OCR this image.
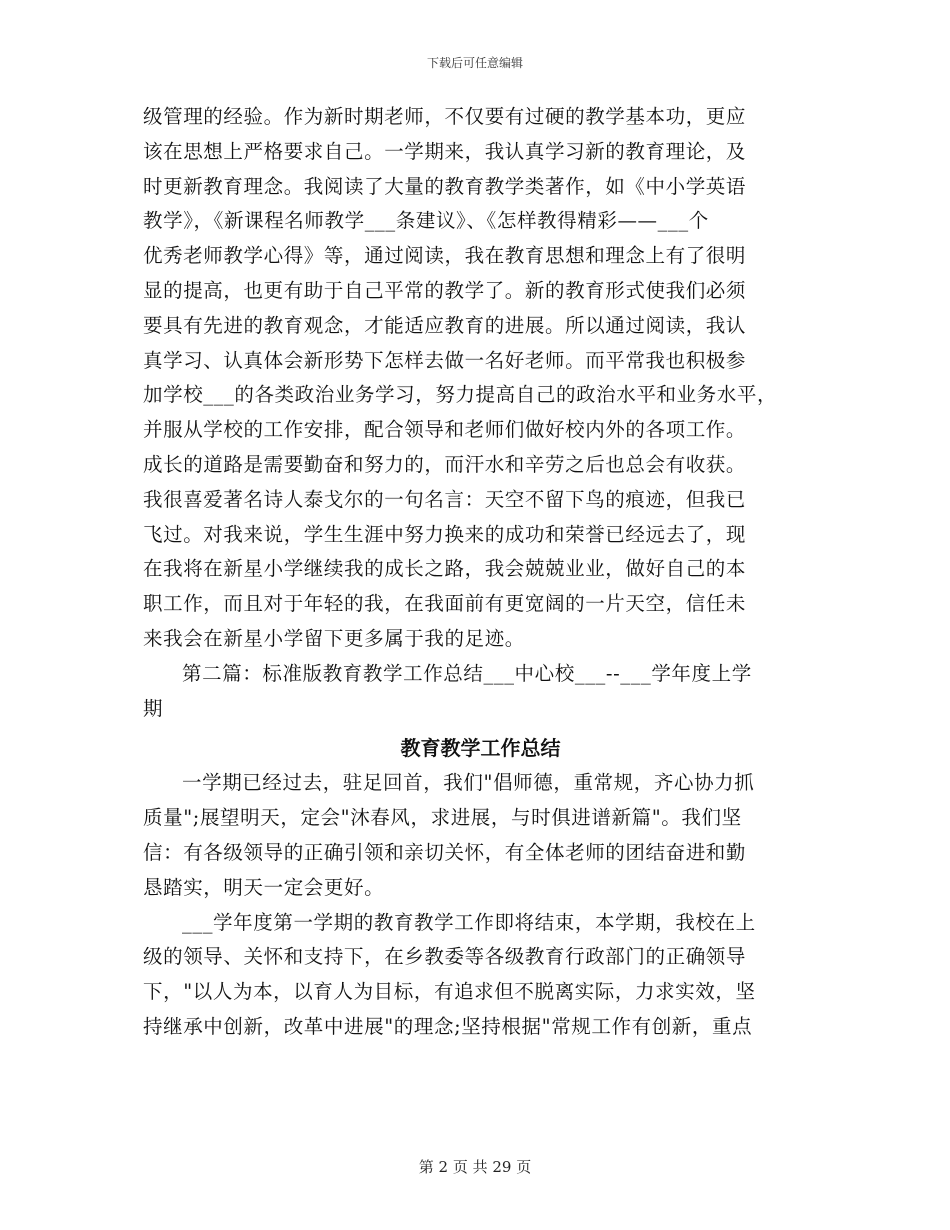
下载后可任意编辑
级管理的经验。作为新时期老师，不仅要有过硬的教学基本功，更应
该在思想上严格要求自己。一学期来，我认真学习新的教育理论，及
时更新教育理念。我阅读了大量的教育教学类著作，如《中小学英语
教学》，《新课程名师教学___条建议》、《怎样教得精彩——___个
优秀老师教学心得》等，通过阅读，我在教育思想和理念上有了很明
显的提高，也更有助于自己平常的教学了。新的教育形式使我们必须
要具有先进的教育观念，才能适应教育的进展。所以通过阅读，我认
真学习、认真体会新形势下怎样去做一名好老师。而平常我也积极参
加学校___的各类政治业务学习，努力提高自己的政治水平和业务水平，
并服从学校的工作安排，配合领导和老师们做好校内外的各项工作。
成长的道路是需要勤奋和努力的，而汗水和辛劳之后也总会有收获。
我很喜爱著名诗人泰戈尔的一句名言：天空不留下鸟的痕迹，但我已
飞过。对我来说，学生生涯中努力换来的成功和荣誉已经远去了，现
在我将在新星小学继续我的成长之路，我会兢兢业业，做好自己的本
职工作，而且对于年轻的我，在我面前有更宽阔的一片天空，信任未
来我会在新星小学留下更多属于我的足迹。
第二篇：标准版教育教学工作总结___中心校___--___学年度上学
期
教育教学工作总结
一学期已经过去，驻足回首，我们"倡师德，重常规，齐心协力抓
质量";展望明天，定会"沐春风，求进展，与时俱进谱新篇"。我们坚
信：有各级领导的正确引领和亲切关怀，有全体老师的团结奋进和勤
恳踏实，明天一定会更好。
___学年度第一学期的教育教学工作即将结束，本学期，我校在上
级的领导、关怀和支持下，在乡教委等各级教育行政部门的正确领导
下，"以人为本，以育人为目标，有追求但不脱离实际，力求实效，坚
持继承中创新，改革中进展"的理念;坚持根据"常规工作有创新，重点
第 2 页 共 29 页
